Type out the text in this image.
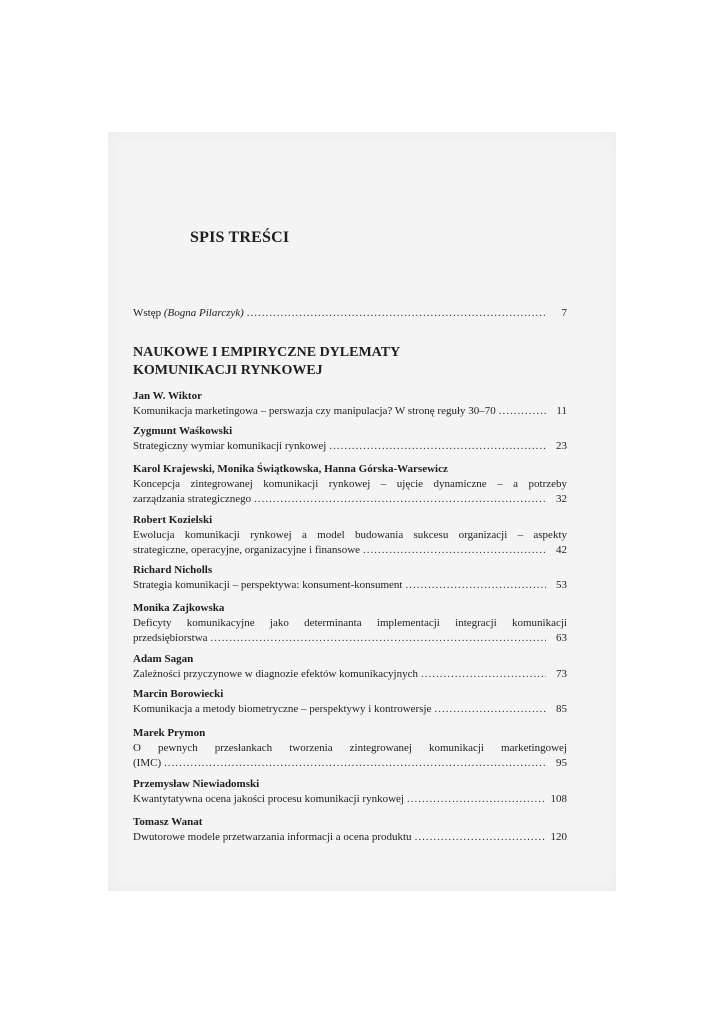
SPIS TREŚCI
Wstęp (Bogna Pilarczyk) .....	7
NAUKOWE I EMPIRYCZNE DYLEMATY
KOMUNIKACJI RYNKOWEJ
Jan W. Wiktor
Komunikacja marketingowa – perswazja czy manipulacja? W stronę reguły 30–70 .....	11
Zygmunt Waśkowski
Strategiczny wymiar komunikacji rynkowej .....	23
Karol Krajewski, Monika Świątkowska, Hanna Górska-Warsewicz
Koncepcja zintegrowanej komunikacji rynkowej – ujęcie dynamiczne – a potrzeby
zarządzania strategicznego .....	32
Robert Kozielski
Ewolucja komunikacji rynkowej a model budowania sukcesu organizacji – aspekty
strategiczne, operacyjne, organizacyjne i finansowe .....	42
Richard Nicholls
Strategia komunikacji – perspektywa: konsument-konsument .....	53
Monika Zajkowska
Deficyty komunikacyjne jako determinanta implementacji integracji komunikacji
przedsiębiorstwa .....	63
Adam Sagan
Zależności przyczynowe w diagnozie efektów komunikacyjnych .....	73
Marcin Borowiecki
Komunikacja a metody biometryczne – perspektywy i kontrowersje .....	85
Marek Prymon
O pewnych przesłankach tworzenia zintegrowanej komunikacji marketingowej
(IMC) .....	95
Przemysław Niewiadomski
Kwantytatywna ocena jakości procesu komunikacji rynkowej .....	108
Tomasz Wanat
Dwutorowe modele przetwarzania informacji a ocena produktu .....	120
